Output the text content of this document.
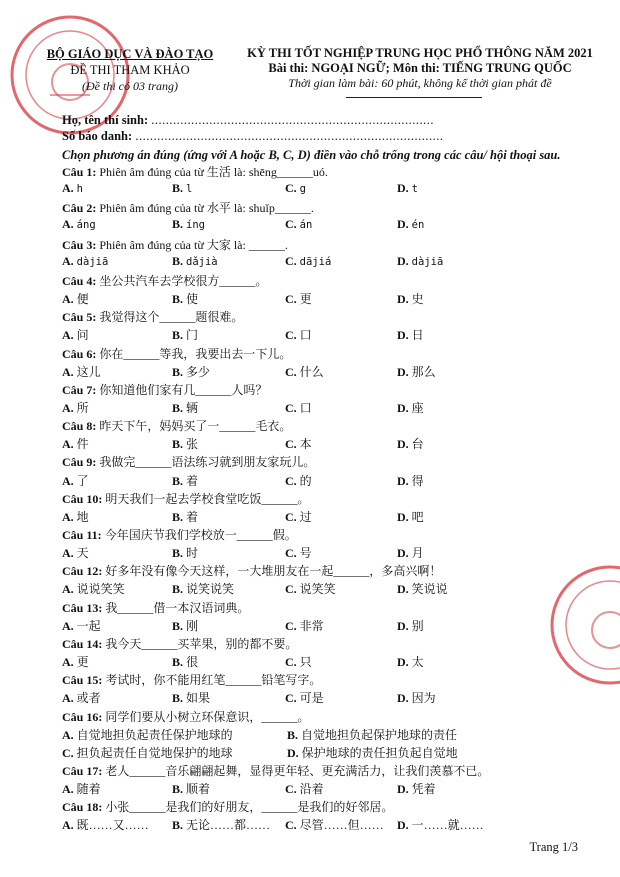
BỘ GIÁO DỤC VÀ ĐÀO TẠO
ĐỀ THI THAM KHẢO
(Đề thi có 03 trang)
KỲ THI TỐT NGHIỆP TRUNG HỌC PHỔ THÔNG NĂM 2021
Bài thi: NGOẠI NGỮ; Môn thi: TIẾNG TRUNG QUỐC
Thời gian làm bài: 60 phút, không kể thời gian phát đề
Họ, tên thí sinh: ..............................................................................
Số báo danh: .....................................................................................
Chọn phương án đúng (ứng với A hoặc B, C, D) điền vào chỗ trống trong các câu/ hội thoại sau.
Câu 1: Phiên âm đúng của từ 生活 là: shēng______uó.
A. h	B. l	C. g	D. t
Câu 2: Phiên âm đúng của từ 水平 là: shuǐp______.
A. áng	B. íng	C. án	D. én
Câu 3: Phiên âm đúng của từ 大家 là: ______.
A. dàjiā	B. dǎjià	C. dājiá	D. dàjiā
Câu 4: 坐公共汽车去学校很方______。
A. 便	B. 使	C. 更	D. 史
Câu 5: 我觉得这个______题很难。
A. 问	B. 门	C. 口	D. 日
Câu 6: 你在______等我，我要出去一下儿。
A. 这儿	B. 多少	C. 什么	D. 那么
Câu 7: 你知道他们家有几______人吗？
A. 所	B. 辆	C. 口	D. 座
Câu 8: 昨天下午，妈妈买了一______毛衣。
A. 件	B. 张	C. 本	D. 台
Câu 9: 我做完______语法练习就到朋友家玩儿。
A. 了	B. 着	C. 的	D. 得
Câu 10: 明天我们一起去学校食堂吃饭______。
A. 地	B. 着	C. 过	D. 吧
Câu 11: 今年国庆节我们学校放一______假。
A. 天	B. 时	C. 号	D. 月
Câu 12: 好多年没有像今天这样，一大堆朋友在一起______，多高兴啊！
A. 说说笑笑	B. 说笑说笑	C. 说笑笑	D. 笑说说
Câu 13: 我______借一本汉语词典。
A. 一起	B. 刚	C. 非常	D. 别
Câu 14: 我今天______买苹果，别的都不要。
A. 更	B. 很	C. 只	D. 太
Câu 15: 考试时，你不能用红笔______铅笔写字。
A. 或者	B. 如果	C. 可是	D. 因为
Câu 16: 同学们要从小树立环保意识，______。
A. 自觉地担负起责任保护地球的	B. 自觉地担负起保护地球的责任
C. 担负起责任自觉地保护的地球	D. 保护地球的责任担负起自觉地
Câu 17: 老人______音乐翩翩起舞，显得更年轻、更充满活力，让我们羡慕不已。
A. 随着	B. 顺着	C. 沿着	D. 凭着
Câu 18: 小张______是我们的好朋友，______是我们的好邻居。
A. 既……又…… B. 无论……都…… C. 尽管……但…… D. 一……就……
Trang 1/3
